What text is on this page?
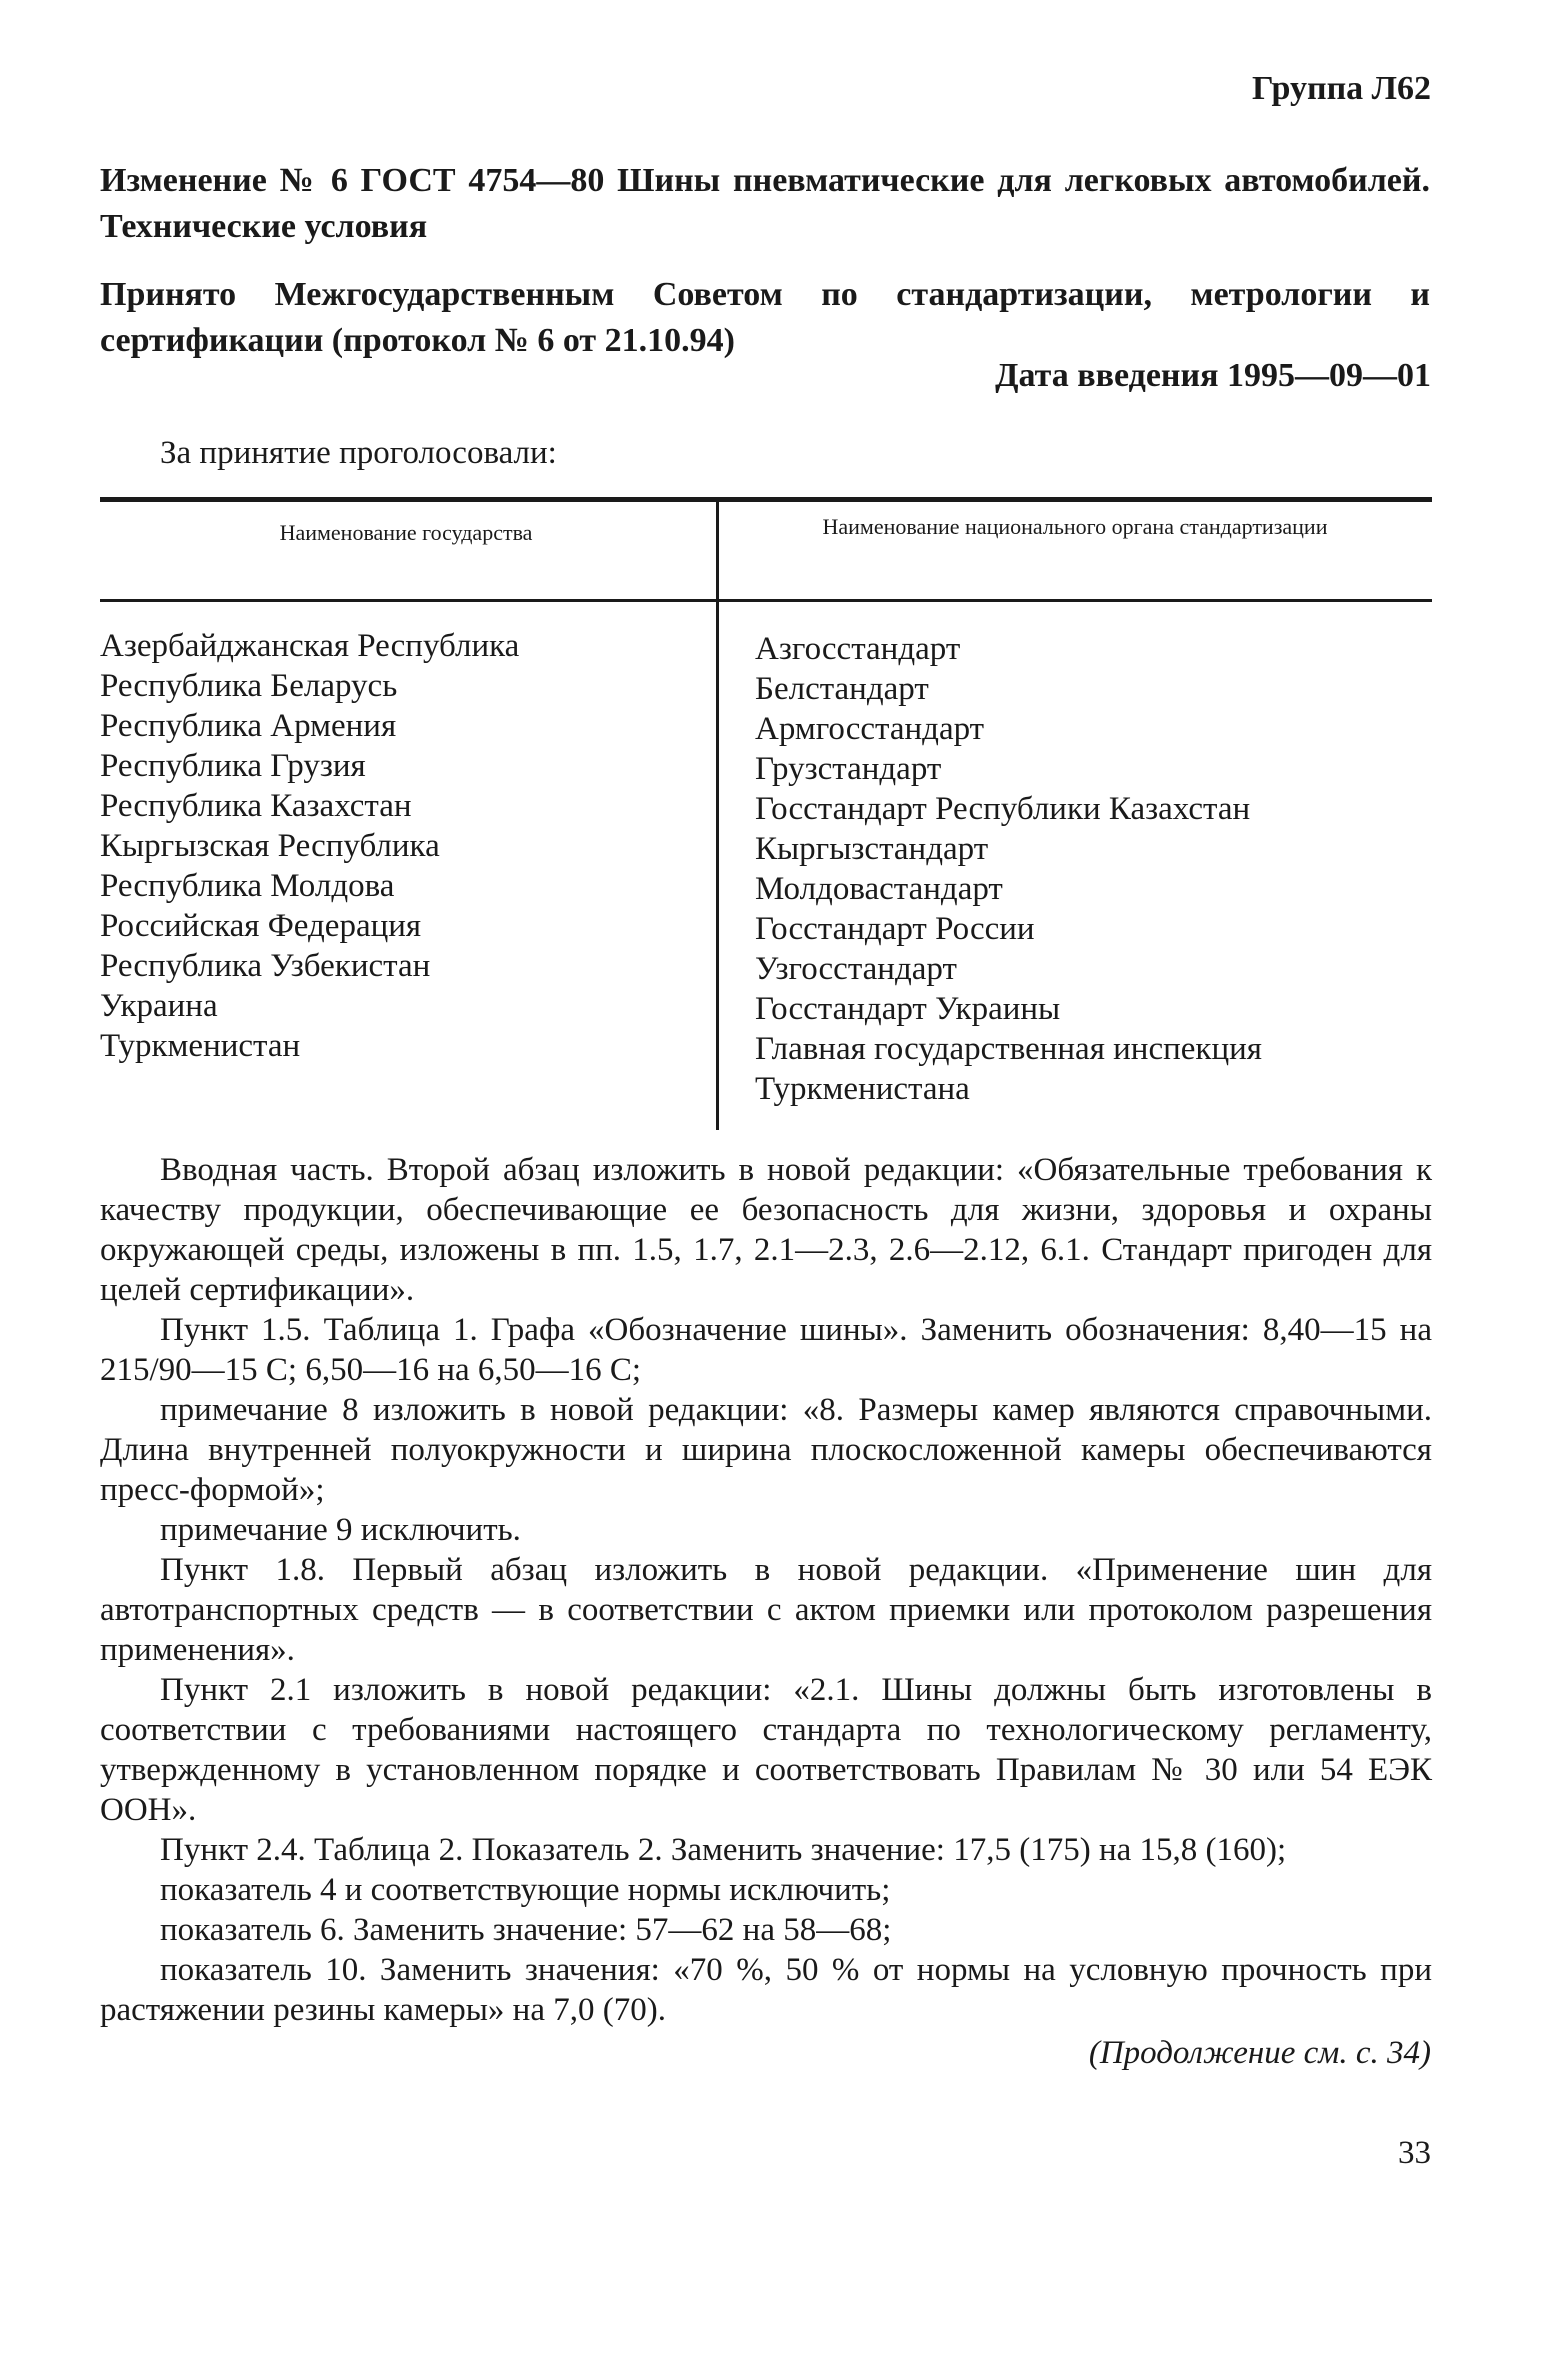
Группа Л62
Изменение № 6 ГОСТ 4754—80 Шины пневматические для легковых автомобилей. Технические условия
Принято Межгосударственным Советом по стандартизации, метрологии и сертификации (протокол № 6 от 21.10.94)
Дата введения 1995—09—01
За принятие проголосовали:
Наименование государства	Наименование национального органа стандартизации
Азербайджанская Республика
Республика Беларусь
Республика Армения
Республика Грузия
Республика Казахстан
Кыргызская Республика
Республика Молдова
Российская Федерация
Республика Узбекистан
Украина
Туркменистан
Азгосстандарт
Белстандарт
Армгосстандарт
Грузстандарт
Госстандарт Республики Казахстан
Кыргызстандарт
Молдовастандарт
Госстандарт России
Узгосстандарт
Госстандарт Украины
Главная государственная инспекция
Туркменистана

Вводная часть. Второй абзац изложить в новой редакции: «Обязательные требования к качеству продукции, обеспечивающие ее безопасность для жизни, здоровья и охраны окружающей среды, изложены в пп. 1.5, 1.7, 2.1—2.3, 2.6—2.12, 6.1. Стандарт пригоден для целей сертификации».

Пункт 1.5. Таблица 1. Графа «Обозначение шины». Заменить обозначения: 8,40—15 на 215/90—15 С; 6,50—16 на 6,50—16 С;

примечание 8 изложить в новой редакции: «8. Размеры камер являются справочными. Длина внутренней полуокружности и ширина плоскосложенной камеры обеспечиваются пресс-формой»;

примечание 9 исключить.

Пункт 1.8. Первый абзац изложить в новой редакции. «Применение шин для автотранспортных средств — в соответствии с актом приемки или протоколом разрешения применения».

Пункт 2.1 изложить в новой редакции: «2.1. Шины должны быть изготовлены в соответствии с требованиями настоящего стандарта по технологическому регламенту, утвержденному в установленном порядке и соответствовать Правилам № 30 или 54 ЕЭК ООН».

Пункт 2.4. Таблица 2. Показатель 2. Заменить значение: 17,5 (175) на 15,8 (160);

показатель 4 и соответствующие нормы исключить;

показатель 6. Заменить значение: 57—62 на 58—68;

показатель 10. Заменить значения: «70 %, 50 % от нормы на условную прочность при растяжении резины камеры» на 7,0 (70).

(Продолжение см. с. 34)
33
